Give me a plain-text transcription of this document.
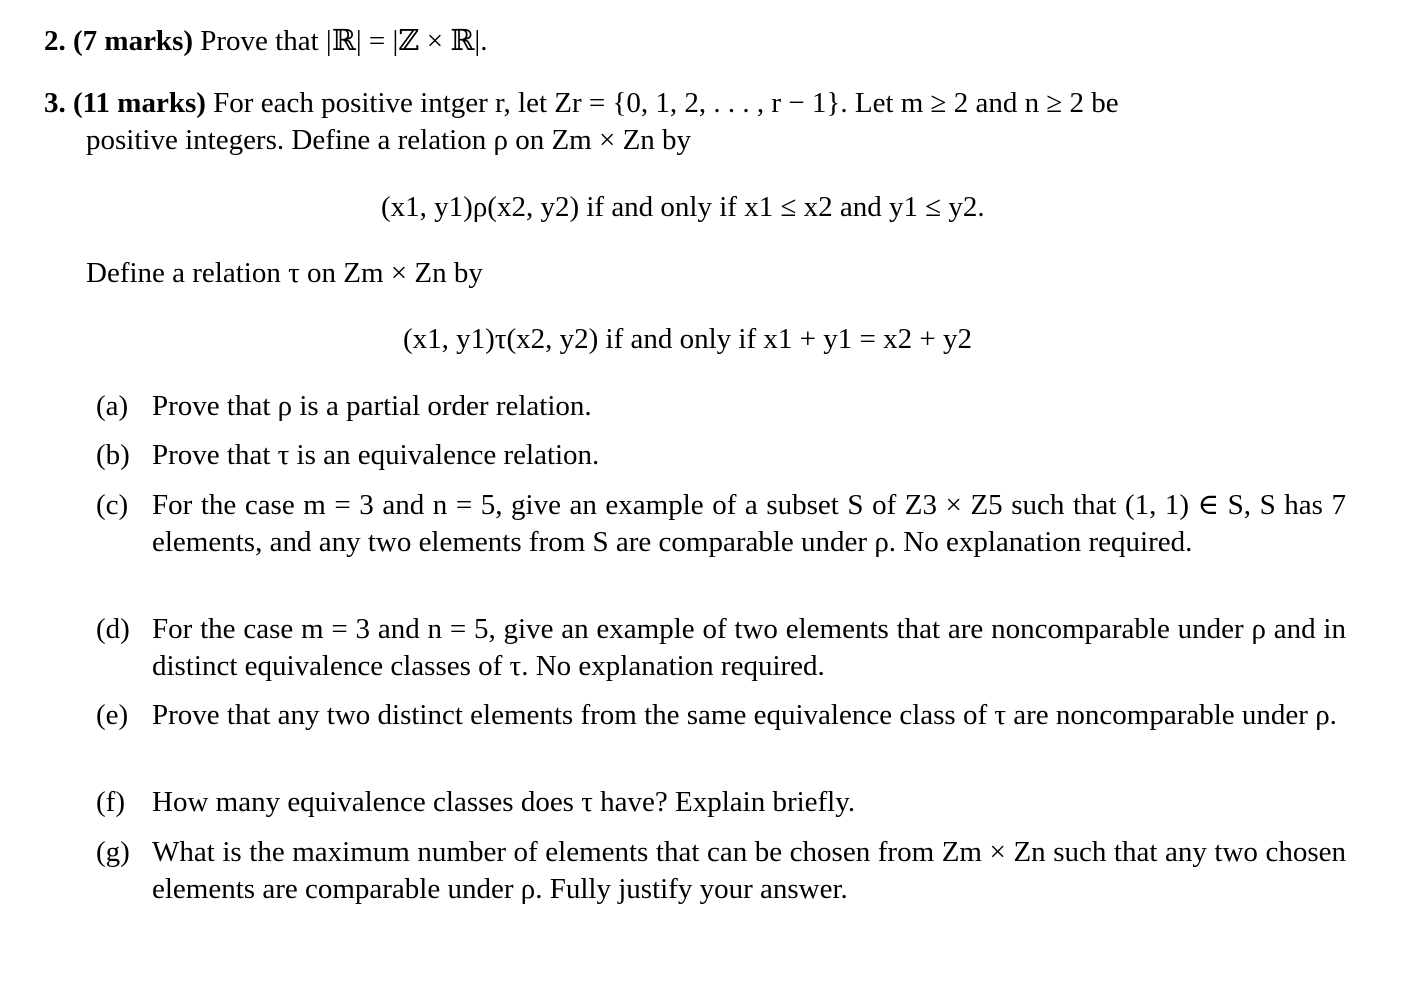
2. (7 marks) Prove that |ℝ| = |ℤ × ℝ|.
3. (11 marks) For each positive intger r, let Zr = {0, 1, 2, . . . , r − 1}. Let m ≥ 2 and n ≥ 2 be
positive integers. Define a relation ρ on Zm × Zn by
(x1, y1)ρ(x2, y2) if and only if x1 ≤ x2 and y1 ≤ y2.
Define a relation τ on Zm × Zn by
(x1, y1)τ(x2, y2) if and only if x1 + y1 = x2 + y2
(a) Prove that ρ is a partial order relation.
(b) Prove that τ is an equivalence relation.
(c) For the case m = 3 and n = 5, give an example of a subset S of Z3 × Z5 such that (1, 1) ∈ S, S has 7 elements, and any two elements from S are comparable under ρ. No explanation required.
(d) For the case m = 3 and n = 5, give an example of two elements that are noncomparable under ρ and in distinct equivalence classes of τ. No explanation required.
(e) Prove that any two distinct elements from the same equivalence class of τ are noncomparable under ρ.
(f) How many equivalence classes does τ have? Explain briefly.
(g) What is the maximum number of elements that can be chosen from Zm × Zn such that any two chosen elements are comparable under ρ. Fully justify your answer.
